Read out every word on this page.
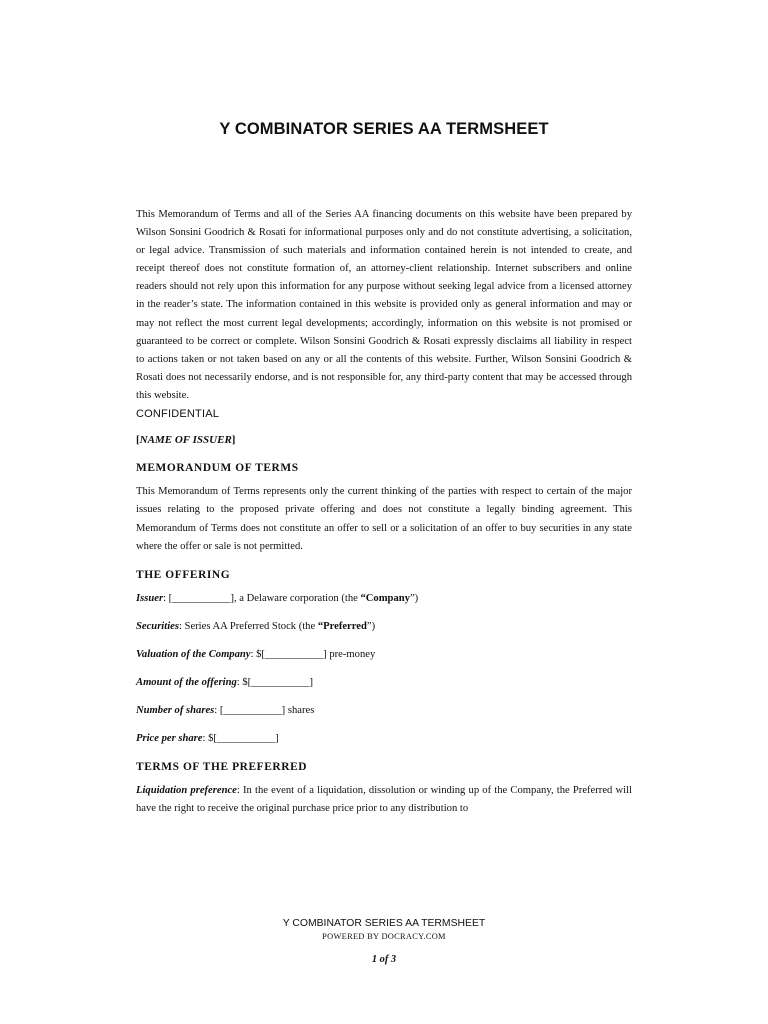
Y COMBINATOR SERIES AA TERMSHEET

This Memorandum of Terms and all of the Series AA financing documents on this website have been prepared by Wilson Sonsini Goodrich & Rosati for informational purposes only and do not constitute advertising, a solicitation, or legal advice. Transmission of such materials and information contained herein is not intended to create, and receipt thereof does not constitute formation of, an attorney-client relationship. Internet subscribers and online readers should not rely upon this information for any purpose without seeking legal advice from a licensed attorney in the reader’s state. The information contained in this website is provided only as general information and may or may not reflect the most current legal developments; accordingly, information on this website is not promised or guaranteed to be correct or complete. Wilson Sonsini Goodrich & Rosati expressly disclaims all liability in respect to actions taken or not taken based on any or all the contents of this website. Further, Wilson Sonsini Goodrich & Rosati does not necessarily endorse, and is not responsible for, any third-party content that may be accessed through this website.

CONFIDENTIAL

[NAME OF ISSUER]

MEMORANDUM OF TERMS

This Memorandum of Terms represents only the current thinking of the parties with respect to certain of the major issues relating to the proposed private offering and does not constitute a legally binding agreement. This Memorandum of Terms does not constitute an offer to sell or a solicitation of an offer to buy securities in any state where the offer or sale is not permitted.

THE OFFERING

Issuer: [___________], a Delaware corporation (the “Company”)

Securities: Series AA Preferred Stock (the “Preferred”)

Valuation of the Company: $[___________] pre-money

Amount of the offering: $[___________]

Number of shares: [___________] shares

Price per share: $[___________]

TERMS OF THE PREFERRED

Liquidation preference: In the event of a liquidation, dissolution or winding up of the Company, the Preferred will have the right to receive the original purchase price prior to any distribution to

Y COMBINATOR SERIES AA TERMSHEET

POWERED BY DOCRACY.COM

1 of 3
